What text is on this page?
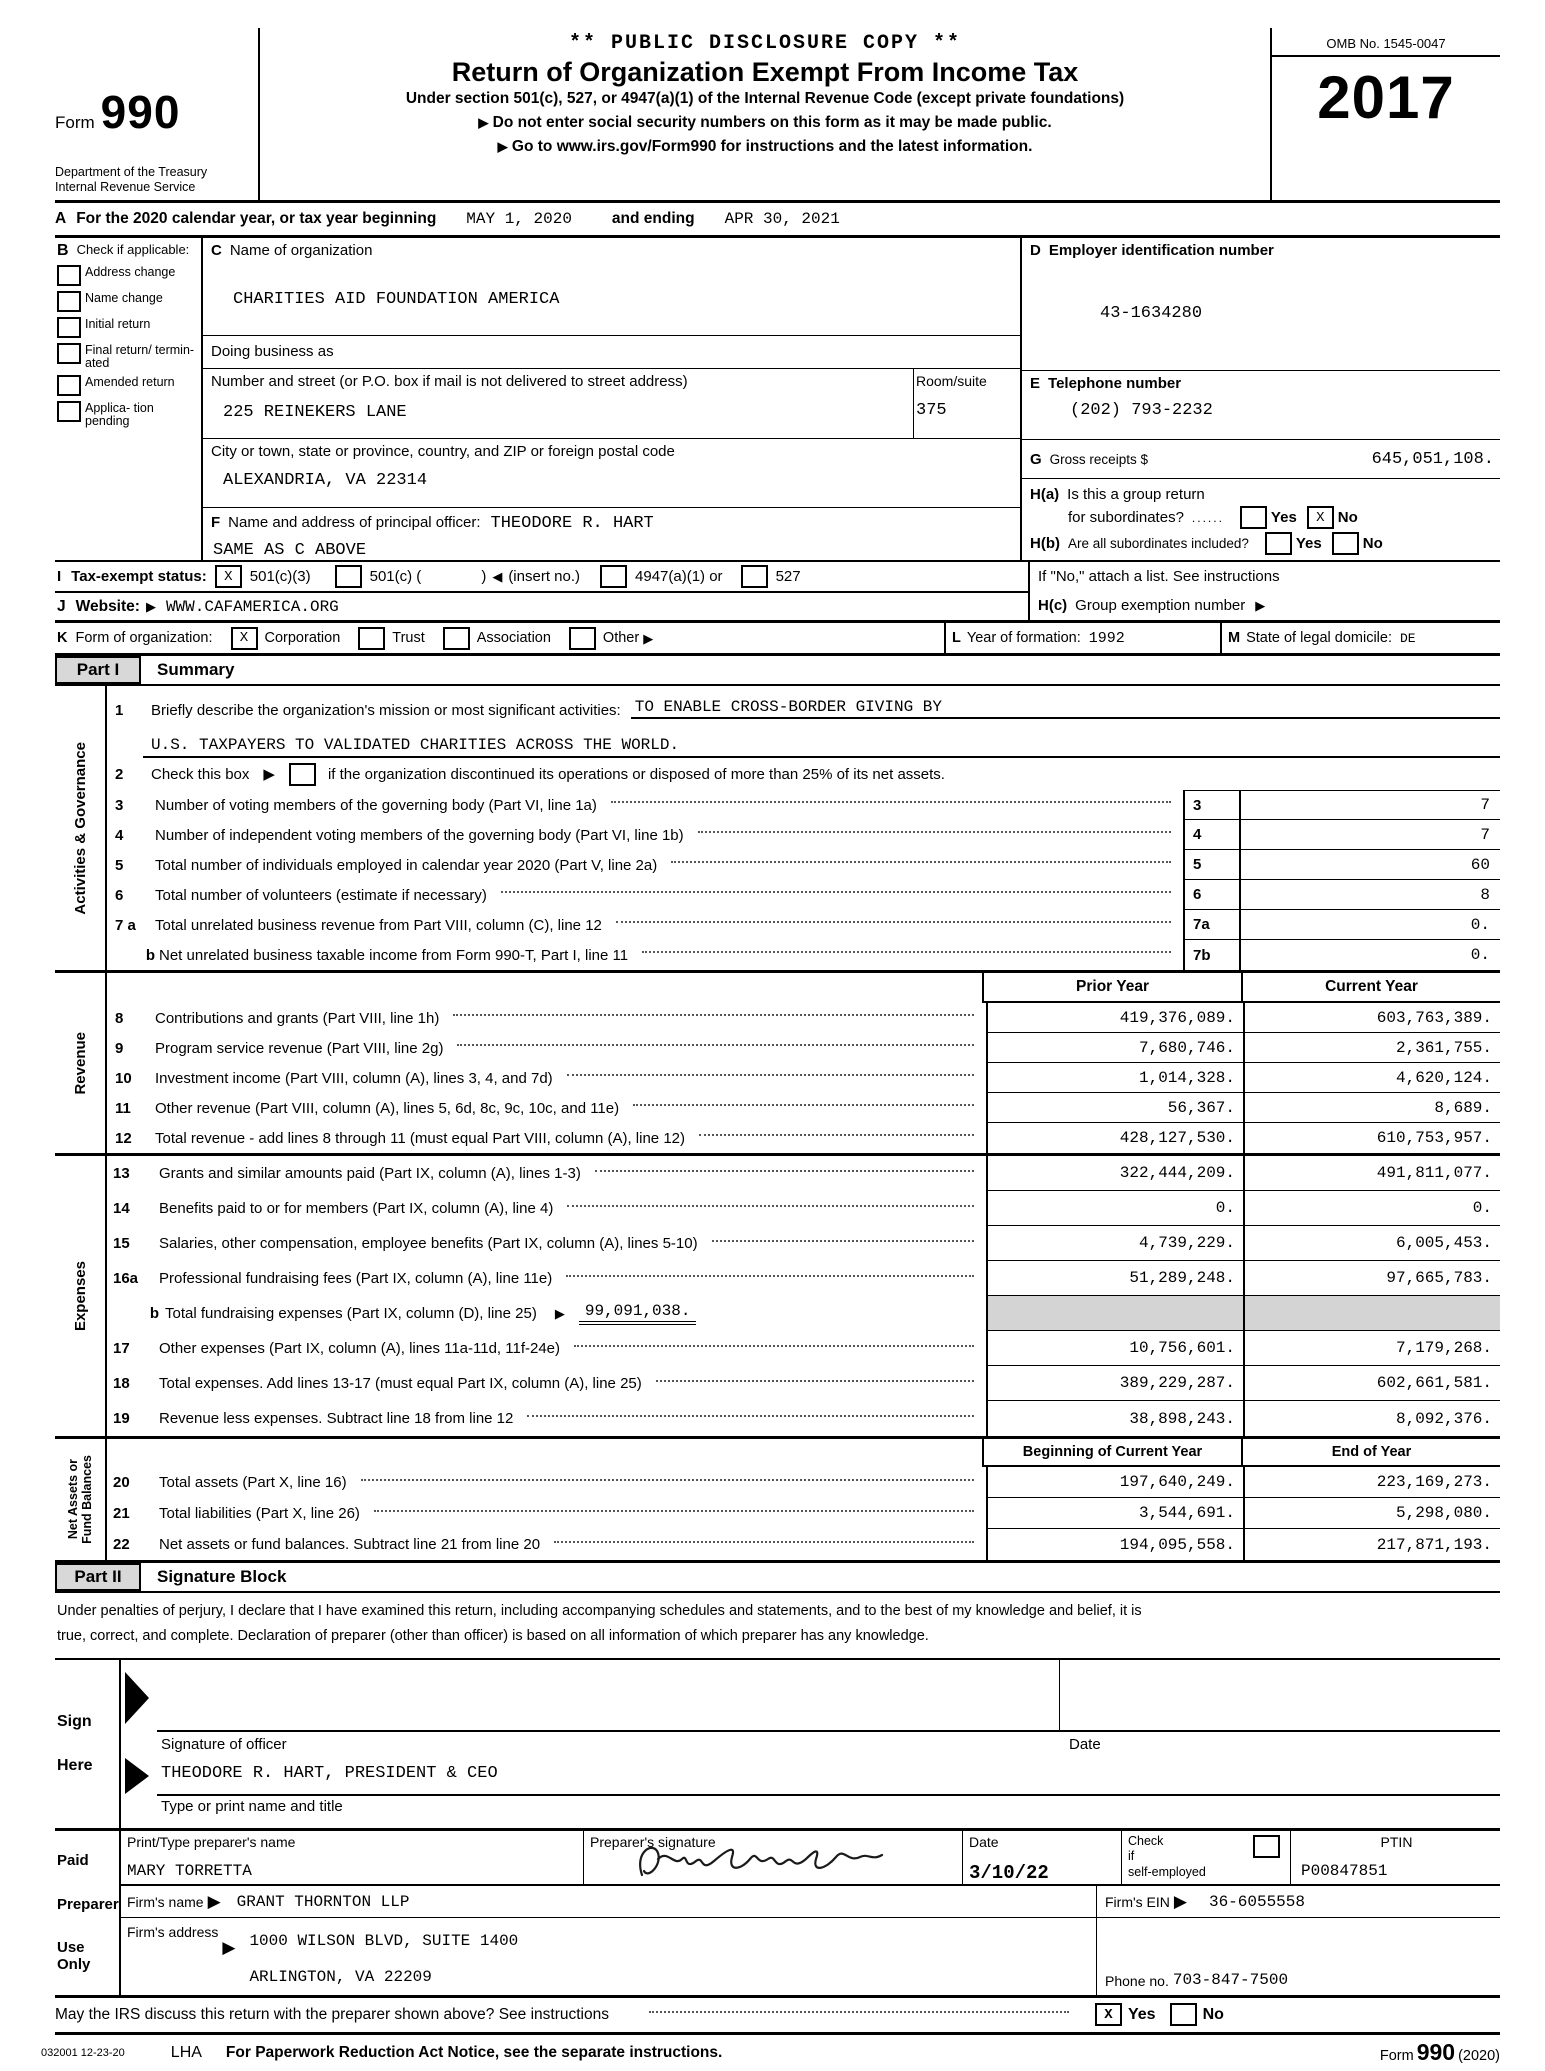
Form 990
Department of the Treasury
Internal Revenue Service
** PUBLIC DISCLOSURE COPY **
Return of Organization Exempt From Income Tax
Under section 501(c), 527, or 4947(a)(1) of the Internal Revenue Code (except private foundations)
▶ Do not enter social security numbers on this form as it may be made public.
▶ Go to www.irs.gov/Form990 for instructions and the latest information.
OMB No. 1545-0047
2017
A For the 2020 calendar year, or tax year beginning MAY 1, 2020	and ending APR 30, 2021
B Check if applicable:
Address change
Name change
Initial return
Final return/ termin- ated
Amended return
Applica- tion pending
C Name of organization
CHARITIES AID FOUNDATION AMERICA
Doing business as
Number and street (or P.O. box if mail is not delivered to street address)
225 REINEKERS LANE
Room/suite
375
City or town, state or province, country, and ZIP or foreign postal code
ALEXANDRIA, VA 22314
F Name and address of principal officer: THEODORE R. HART
SAME AS C ABOVE
D Employer identification number
43-1634280
E Telephone number
(202) 793-2232
G Gross receipts $	645,051,108.
H(a) Is this a group return
for subordinates? ......	Yes	X No
H(b) Are all subordinates included?	Yes	No
I Tax-exempt status:	X	501(c)(3)	501(c) (	) ◀ (insert no.)	4947(a)(1) or	527
J Website: ▶ WWW.CAFAMERICA.ORG
If "No," attach a list. See instructions
H(c) Group exemption number ▶
K Form of organization:	X	Corporation	Trust	Association	Other ▶	L Year of formation: 1992	M State of legal domicile: DE
Part I	Summary
Activities & Governance
1	Briefly describe the organization's mission or most significant activities: TO ENABLE CROSS-BORDER GIVING BY
U.S. TAXPAYERS TO VALIDATED CHARITIES ACROSS THE WORLD.
2	Check this box ▶	if the organization discontinued its operations or disposed of more than 25% of its net assets.
3	Number of voting members of the governing body (Part VI, line 1a)	3	7
4	Number of independent voting members of the governing body (Part VI, line 1b)	4	7
5	Total number of individuals employed in calendar year 2020 (Part V, line 2a)	5	60
6	Total number of volunteers (estimate if necessary)	6	8
7 a	Total unrelated business revenue from Part VIII, column (C), line 12	7a	0.
b Net unrelated business taxable income from Form 990-T, Part I, line 11	7b	0.
Revenue
Prior Year	Current Year
8	Contributions and grants (Part VIII, line 1h)	419,376,089.	603,763,389.
9	Program service revenue (Part VIII, line 2g)	7,680,746.	2,361,755.
10	Investment income (Part VIII, column (A), lines 3, 4, and 7d)	1,014,328.	4,620,124.
11	Other revenue (Part VIII, column (A), lines 5, 6d, 8c, 9c, 10c, and 11e)	56,367.	8,689.
12	Total revenue - add lines 8 through 11 (must equal Part VIII, column (A), line 12)	428,127,530.	610,753,957.
Expenses
13	Grants and similar amounts paid (Part IX, column (A), lines 1-3)	322,444,209.	491,811,077.
14	Benefits paid to or for members (Part IX, column (A), line 4)	0.	0.
15	Salaries, other compensation, employee benefits (Part IX, column (A), lines 5-10)	4,739,229.	6,005,453.
16a	Professional fundraising fees (Part IX, column (A), line 11e)	51,289,248.	97,665,783.
b Total fundraising expenses (Part IX, column (D), line 25) ▶	99,091,038.
17	Other expenses (Part IX, column (A), lines 11a-11d, 11f-24e)	10,756,601.	7,179,268.
18	Total expenses. Add lines 13-17 (must equal Part IX, column (A), line 25)	389,229,287.	602,661,581.
19	Revenue less expenses. Subtract line 18 from line 12	38,898,243.	8,092,376.
Net Assets or Fund Balances
Beginning of Current Year	End of Year
20	Total assets (Part X, line 16)	197,640,249.	223,169,273.
21	Total liabilities (Part X, line 26)	3,544,691.	5,298,080.
22	Net assets or fund balances. Subtract line 21 from line 20	194,095,558.	217,871,193.
Part II	Signature Block
Under penalties of perjury, I declare that I have examined this return, including accompanying schedules and statements, and to the best of my knowledge and belief, it is
true, correct, and complete. Declaration of preparer (other than officer) is based on all information of which preparer has any knowledge.
Sign
Here
Signature of officer	Date
THEODORE R. HART, PRESIDENT & CEO
Type or print name and title
Paid
Preparer
Use Only
Print/Type preparer's name
MARY TORRETTA
Preparer's signature	Date
3/10/22
Check
if
self-employed
PTIN
P00847851
Firm's name ▶ GRANT THORNTON LLP	Firm's EIN ▶ 36-6055558
Firm's address
▶ 1000 WILSON BLVD, SUITE 1400
ARLINGTON, VA 22209	Phone no. 703-847-7500
May the IRS discuss this return with the preparer shown above? See instructions	X Yes	No
032001 12-23-20	LHA For Paperwork Reduction Act Notice, see the separate instructions.	Form 990 (2020)
